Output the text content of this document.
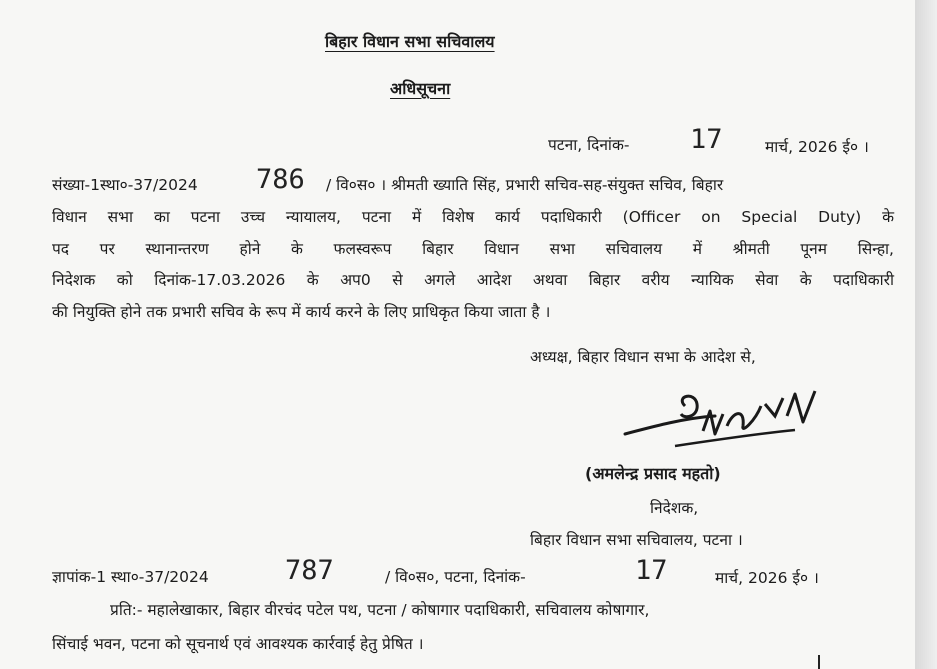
बिहार विधान सभा सचिवालय
अधिसूचना
पटना, दिनांक- 17	मार्च, 2026 ई० ।
संख्या-1स्था०-37/2024 786 / वि०स० । श्रीमती ख्याति सिंह, प्रभारी सचिव-सह-संयुक्त सचिव, बिहार
विधान सभा का पटना उच्च न्यायालय, पटना में विशेष कार्य पदाधिकारी (Officer on Special Duty) के
पद पर स्थानान्तरण होने के फलस्वरूप बिहार विधान सभा सचिवालय में श्रीमती पूनम सिन्हा,
निदेशक को दिनांक-17.03.2026 के अप0 से अगले आदेश अथवा बिहार वरीय न्यायिक सेवा के पदाधिकारी
की नियुक्ति होने तक प्रभारी सचिव के रूप में कार्य करने के लिए प्राधिकृत किया जाता है ।
अध्यक्ष, बिहार विधान सभा के आदेश से,
(अमलेन्द्र प्रसाद महतो)
निदेशक,
बिहार विधान सभा सचिवालय, पटना ।
ज्ञापांक-1 स्था०-37/2024	787	/ वि०स०, पटना, दिनांक-	17	मार्च, 2026 ई० ।
प्रति:- महालेखाकार, बिहार वीरचंद पटेल पथ, पटना / कोषागार पदाधिकारी, सचिवालय कोषागार,
सिंचाई भवन, पटना को सूचनार्थ एवं आवश्यक कार्रवाई हेतु प्रेषित ।
